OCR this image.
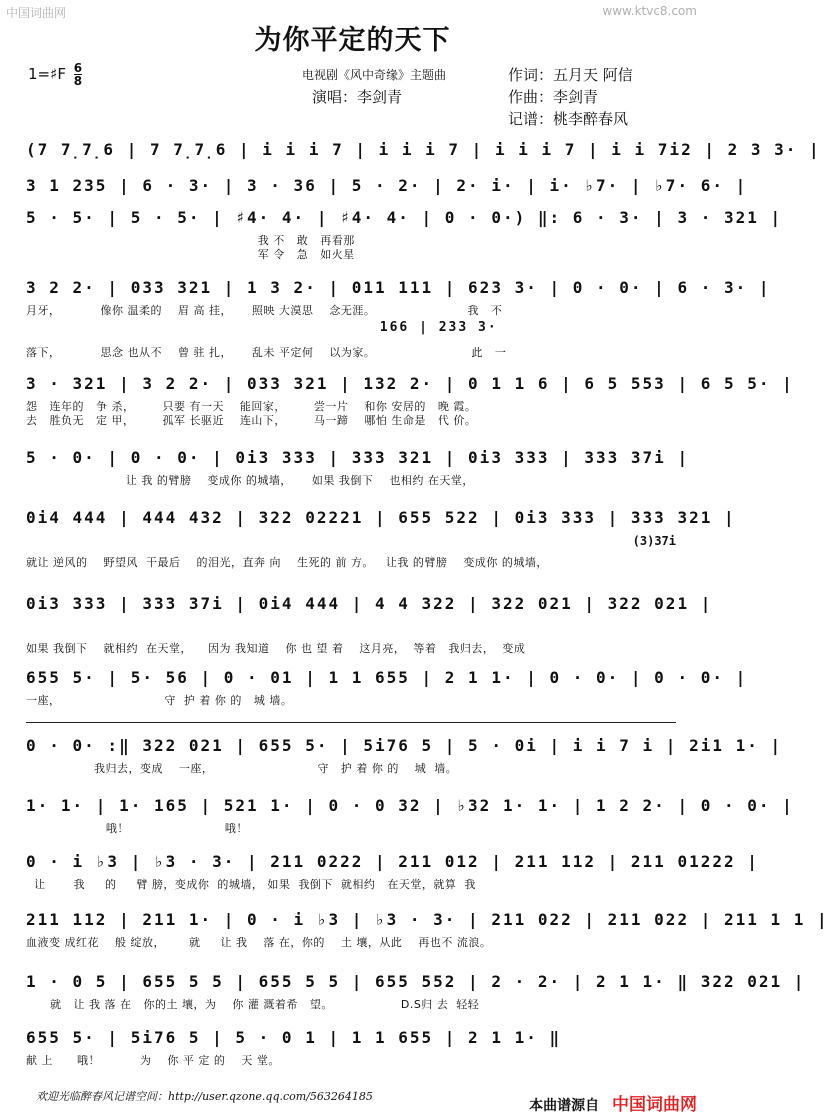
中国词曲网	www.ktvc8.com
为你平定的天下
1=♯F $\frac{6}{8}$	电视剧《风中奇缘》主题曲	作词：五月天 阿信
演唱：李剑青	作曲：李剑青
记谱：桃李醉春风
(7 7̣7̣6 | 7 7̣7̣6 | i i i 7 | i i i 7 | i i i 7 | i i 7i2 | 2 3 3· |
3 1 235 | 6 · 3· | 3 · 36 | 5 · 2· | 2· i· | i· ♭7· | ♭7· 6· |
5 · 5· | 5 · 5· | ♯4· 4· | ♯4· 4· | 0 · 0·) ‖: 6 · 3· | 3 · 321 |
我 不   敢   再看那
军 令   急   如火星
3 2 2· | 033 321 | 1 3 2· | 011 111 | 623 3· | 0 · 0· | 6 · 3· |
月牙，          像你 温柔的    眉 高 挂，     照映 大漠思    念无涯。                       我   不
166 | 233 3·
落下，          思念 也从不    曾 驻 扎，     乱未 平定何    以为家。                        此   一
3 · 321 | 3 2 2· | 033 321 | 132 2· | 0 1 1 6 | 6 5 553 | 6 5 5· |
怨   连年的   争 杀，       只要 有一天    能回家，       尝一片    和你 安居的   晚 霞。
去   胜负无   定 甲，       孤军 长驱近    连山下，       马一蹄    哪怕 生命是   代 价。
5 · 0· | 0 · 0· | 0i3 333 | 333 321 | 0i3 333 | 333 37i |
让 我 的臂膀    变成你 的城墙，     如果 我倒下    也相约 在天堂，
(3)37i
0i4 444 | 444 432 | 322 02221 | 655 522 | 0i3 333 | 333 321 |
就让 逆风的    野望风  干最后    的泪光，直奔 向    生死的 前 方。   让我 的臂膀    变成你 的城墙，
0i3 333 | 333 37i | 0i4 444 | 4 4 322 | 322 021 | 322 021 |
如果 我倒下    就相约  在天堂，    因为 我知道    你 也 望 着    这月亮，  等着   我归去，  变成
655 5· | 5· 56 | 0 · 01 | 1 1 655 | 2 1 1· | 0 · 0· | 0 · 0· |
一座，                          守  护 着 你 的   城 墙。
0 · 0· :‖ 322 021 | 655 5· | 5i76 5 | 5 · 0i | i i 7 i | 2i1 1· |
我归去，变成    一座，                          守   护 着 你 的    城  墙。
1· 1· | 1· 165 | 521 1· | 0 · 0 32 | ♭32 1· 1· | 1 2 2· | 0 · 0· |
哦！                        哦！
0 · i ♭3 | ♭3 · 3· | 211 0222 | 211 012 | 211 112 | 211 01222 |
让       我     的     臂 膀，变成你  的城墙， 如果  我倒下  就相约   在天堂，就算  我
211 112 | 211 1· | 0 · i ♭3 | ♭3 · 3· | 211 022 | 211 022 | 211 1 1 |
血液变 成红花    般 绽放，      就     让 我    落 在，你的    土 壤，从此    再也不 流浪。
1 · 0 5 | 655 5 5 | 655 5 5 | 655 552 | 2 · 2· | 2 1 1· ‖ 322 021 |
就   让 我 落 在   你的土 壤，为    你 灌 溉着希   望。                 D.S归 去  轻轻
655 5· | 5i76 5 | 5 · 0 1 | 1 1 655 | 2 1 1· ‖
献 上      哦！          为    你 平 定 的    天 堂。
欢迎光临醉春风记谱空间：http://user.qzone.qq.com/563264185
本曲谱源自 中国词曲网
